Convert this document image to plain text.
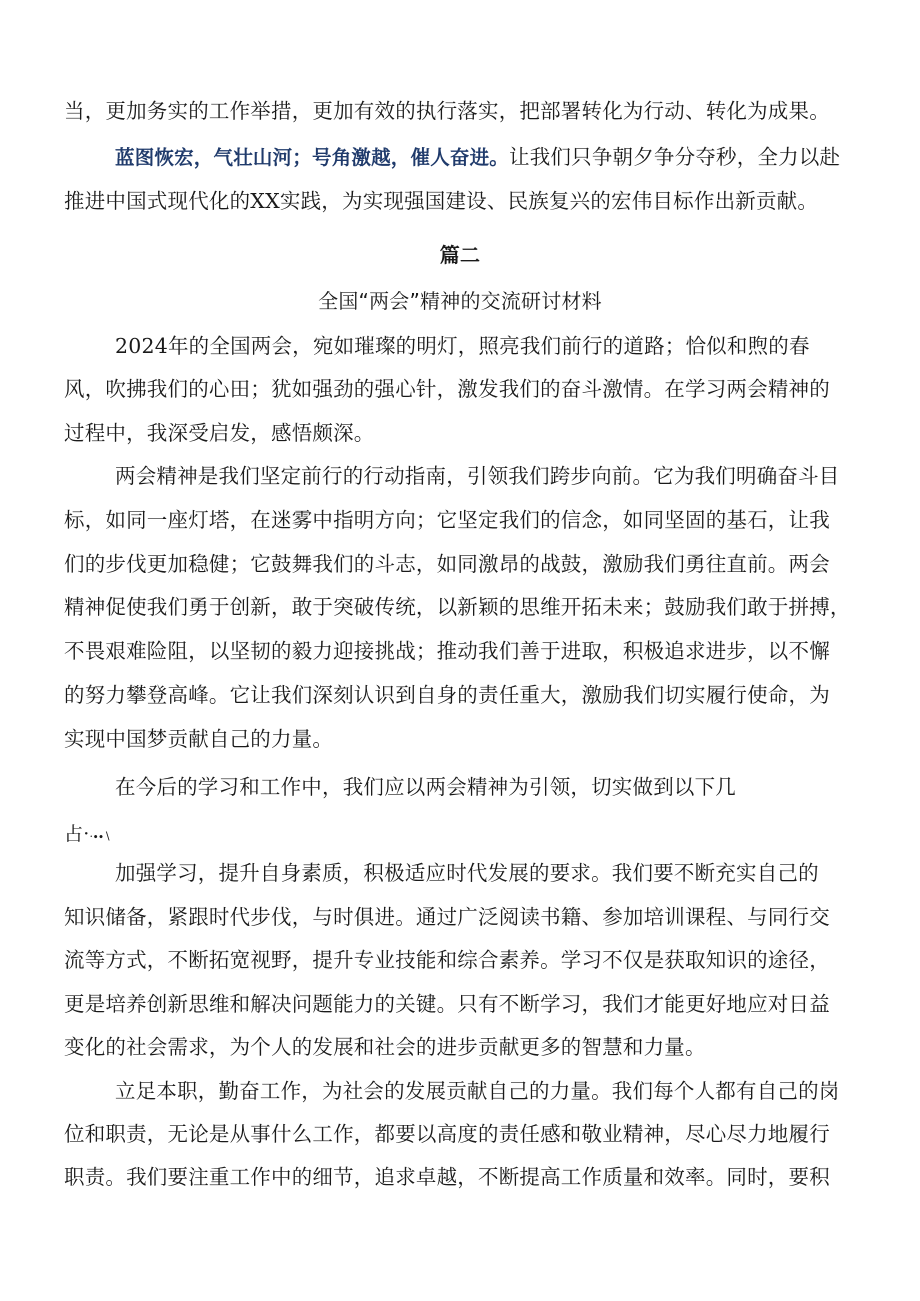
当，更加务实的工作举措，更加有效的执行落实，把部署转化为行动、转化为成果。
蓝图恢宏，气壮山河；号角激越，催人奋进。让我们只争朝夕争分夺秒，全力以赴
推进中国式现代化的XX实践，为实现强国建设、民族复兴的宏伟目标作出新贡献。
篇二
全国“两会”精神的交流研讨材料
2024年的全国两会，宛如璀璨的明灯，照亮我们前行的道路；恰似和煦的春
风，吹拂我们的心田；犹如强劲的强心针，激发我们的奋斗激情。在学习两会精神的
过程中，我深受启发，感悟颇深。
两会精神是我们坚定前行的行动指南，引领我们跨步向前。它为我们明确奋斗目
标，如同一座灯塔，在迷雾中指明方向；它坚定我们的信念，如同坚固的基石，让我
们的步伐更加稳健；它鼓舞我们的斗志，如同激昂的战鼓，激励我们勇往直前。两会
精神促使我们勇于创新，敢于突破传统，以新颖的思维开拓未来；鼓励我们敢于拼搏，
不畏艰难险阻，以坚韧的毅力迎接挑战；推动我们善于进取，积极追求进步，以不懈
的努力攀登高峰。它让我们深刻认识到自身的责任重大，激励我们切实履行使命，为
实现中国梦贡献自己的力量。
在今后的学习和工作中，我们应以两会精神为引领，切实做到以下几
占··∙∙∖
加强学习，提升自身素质，积极适应时代发展的要求。我们要不断充实自己的
知识储备，紧跟时代步伐，与时俱进。通过广泛阅读书籍、参加培训课程、与同行交
流等方式，不断拓宽视野，提升专业技能和综合素养。学习不仅是获取知识的途径，
更是培养创新思维和解决问题能力的关键。只有不断学习，我们才能更好地应对日益
变化的社会需求，为个人的发展和社会的进步贡献更多的智慧和力量。
立足本职，勤奋工作，为社会的发展贡献自己的力量。我们每个人都有自己的岗
位和职责，无论是从事什么工作，都要以高度的责任感和敬业精神，尽心尽力地履行
职责。我们要注重工作中的细节，追求卓越，不断提高工作质量和效率。同时，要积
